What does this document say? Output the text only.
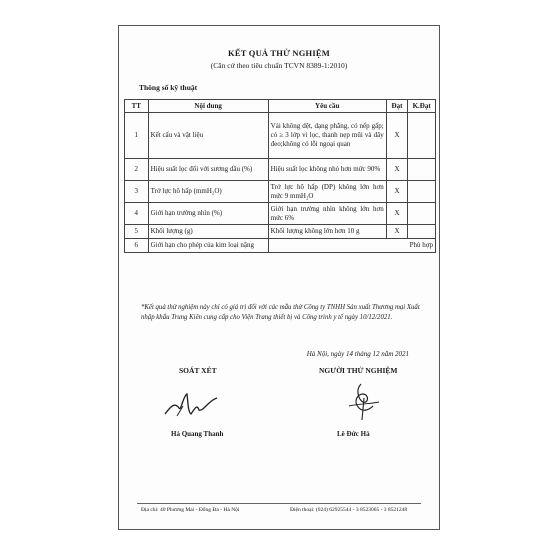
KẾT QUẢ THỬ NGHIỆM
(Căn cứ theo tiêu chuẩn TCVN 8389-1:2010)
Thông số kỹ thuật
TT	Nội dung	Yêu cầu	Đạt	K.Đạt
1	Kết cấu và vật liệu	Vải không dệt, dạng phẳng, có nếp gấp; có ≥ 3 lớp vi lọc, thanh nẹp mũi và dây đeo;không có lỗi ngoại quan	X	
2	Hiệu suất lọc đối với sương dầu (%)	Hiệu suất lọc không nhỏ hơn mức 90%	X	
3	Trở lực hô hấp (mmH₂O)	Trở lực hô hấp (DP) không lớn hơn mức 9 mmH₂O	X	
4	Giới hạn trường nhìn (%)	Giới hạn trường nhìn không lớn hơn mức 6%	X	
5	Khối lượng (g)	Khối lượng không lớn hơn 10 g	X	
6	Giới hạn cho phép của kim loại nặng	Phù hợp		
*Kết quả thử nghiệm này chỉ có giá trị đối với các mẫu thử Công ty TNHH Sản xuất Thương mại Xuất nhập khẩu Trung Kiên cung cấp cho Viện Trang thiết bị và Công trình y tế ngày 10/12/2021.
Hà Nội, ngày 14 tháng 12 năm 2021
SOÁT XÉT	NGƯỜI THỬ NGHIỆM
Hà Quang Thanh	Lê Đức Hà
Địa chỉ: 40 Phương Mai - Đống Đa - Hà Nội	Điện thoại: (024) 62925544 - 3 8523065 - 3 8521248
